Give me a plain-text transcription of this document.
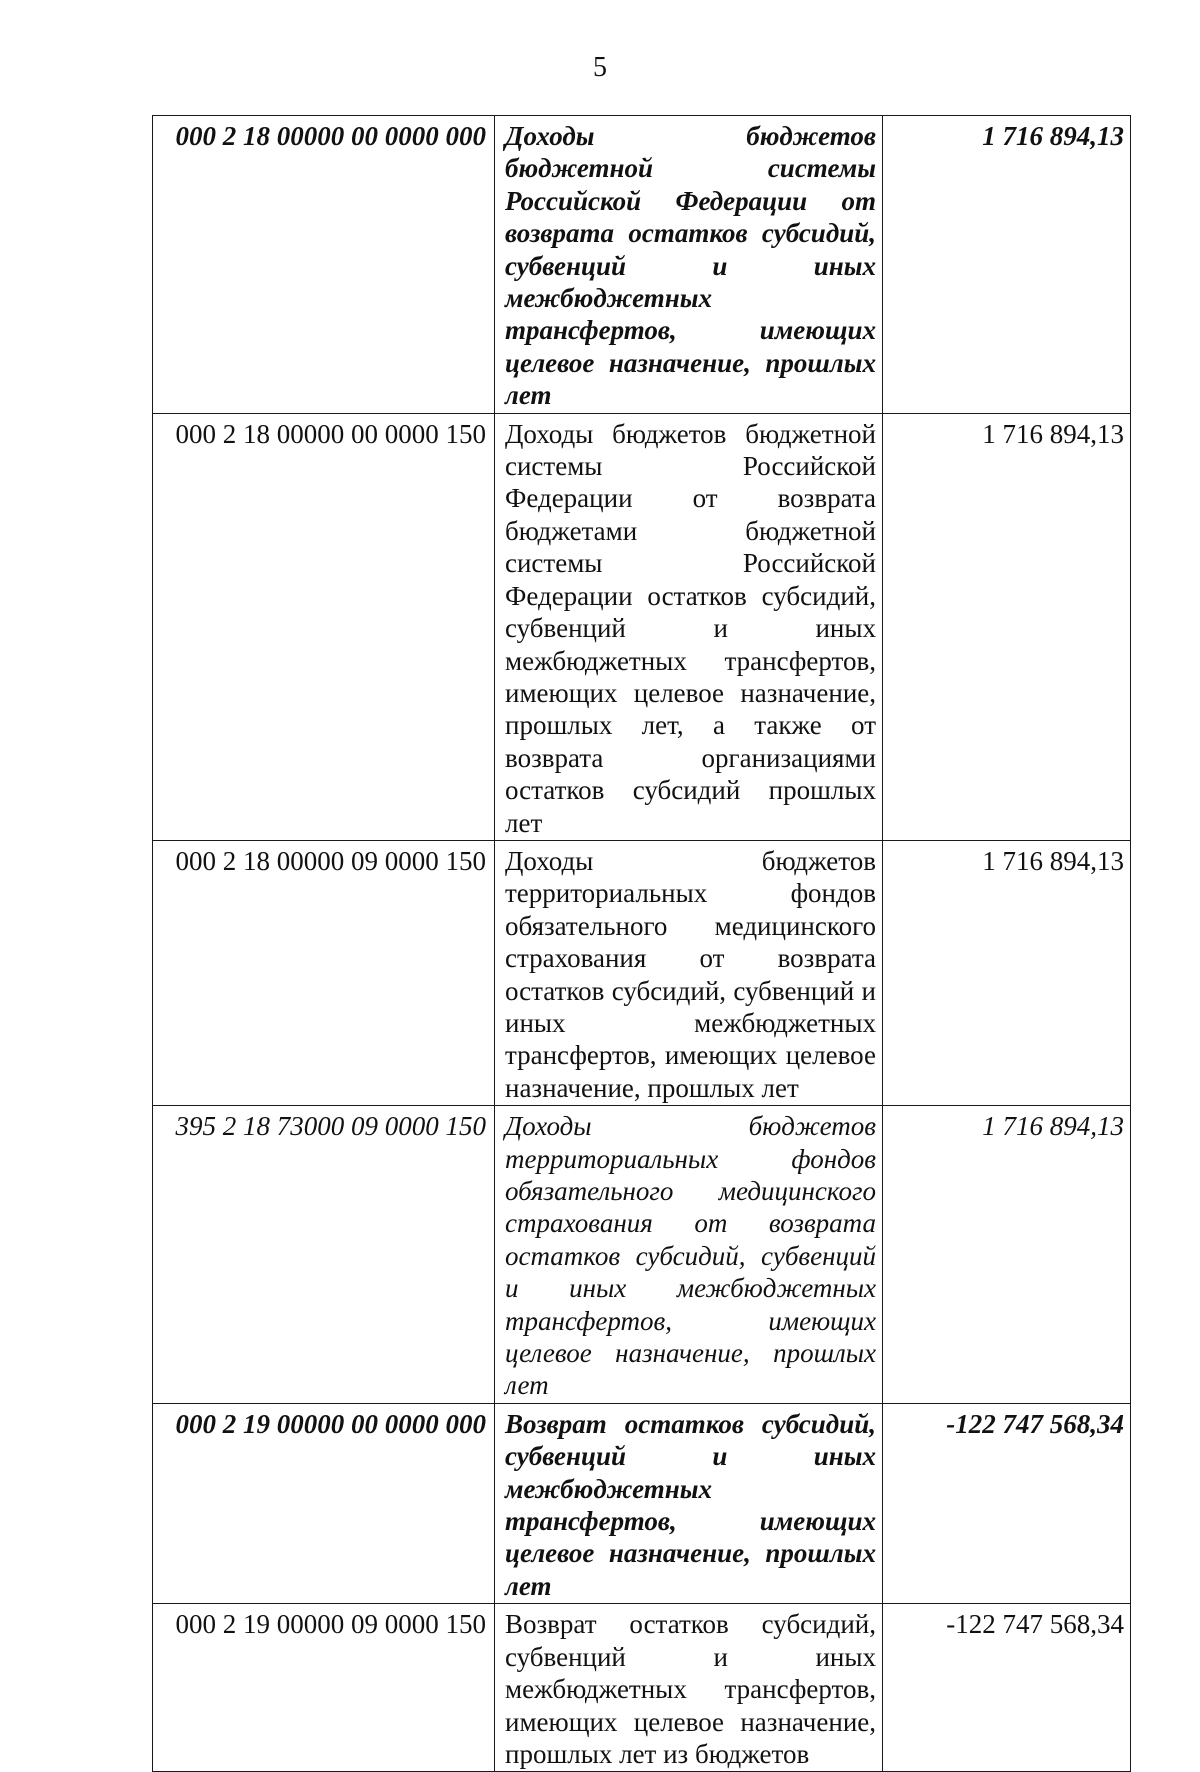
5
000 2 18 00000 00 0000 000	Доходы бюджетов бюджетной системы Российской Федерации от возврата остатков субсидий, субвенций и иных межбюджетных трансфертов, имеющих целевое назначение, прошлых лет	1 716 894,13
000 2 18 00000 00 0000 150	Доходы бюджетов бюджетной системы Российской Федерации от возврата бюджетами бюджетной системы Российской Федерации остатков субсидий, субвенций и иных межбюджетных трансфертов, имеющих целевое назначение, прошлых лет, а также от возврата организациями остатков субсидий прошлых лет	1 716 894,13
000 2 18 00000 09 0000 150	Доходы бюджетов территориальных фондов обязательного медицинского страхования от возврата остатков субсидий, субвенций и иных межбюджетных трансфертов, имеющих целевое назначение, прошлых лет	1 716 894,13
395 2 18 73000 09 0000 150	Доходы бюджетов территориальных фондов обязательного медицинского страхования от возврата остатков субсидий, субвенций и иных межбюджетных трансфертов, имеющих целевое назначение, прошлых лет	1 716 894,13
000 2 19 00000 00 0000 000	Возврат остатков субсидий, субвенций и иных межбюджетных трансфертов, имеющих целевое назначение, прошлых лет	-122 747 568,34
000 2 19 00000 09 0000 150	Возврат остатков субсидий, субвенций и иных межбюджетных трансфертов, имеющих целевое назначение, прошлых лет из бюджетов	-122 747 568,34
